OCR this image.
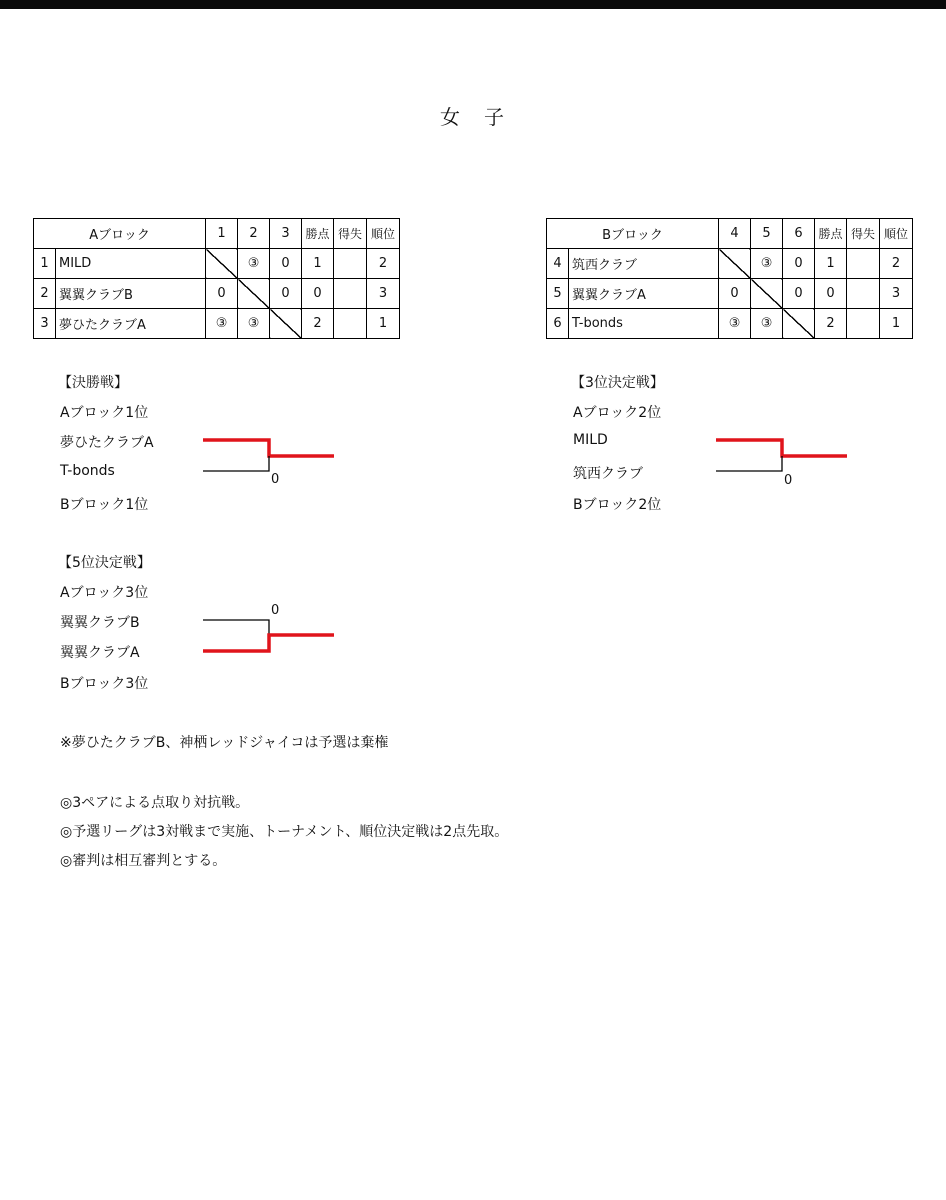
女　子
Aブロック		1	2	3	勝点	得失	順位
1	MILD		③	0	1		2
2	翼翼クラブB	0		0	0		3
3	夢ひたクラブA	③	③		2		1
Bブロック		4	5	6	勝点	得失	順位
4	筑西クラブ		③	0	1		2
5	翼翼クラブA	0		0	0		3
6	T-bonds	③	③		2		1
【決勝戦】
Aブロック1位
夢ひたクラブA
T-bonds
Bブロック1位
0
【3位決定戦】
Aブロック2位
MILD
筑西クラブ
Bブロック2位
0
【5位決定戦】
Aブロック3位
翼翼クラブB
翼翼クラブA
Bブロック3位
0
※夢ひたクラブB、神栖レッドジャイコは予選は棄権
◎3ペアによる点取り対抗戦。
◎予選リーグは3対戦まで実施、トーナメント、順位決定戦は2点先取。
◎審判は相互審判とする。
